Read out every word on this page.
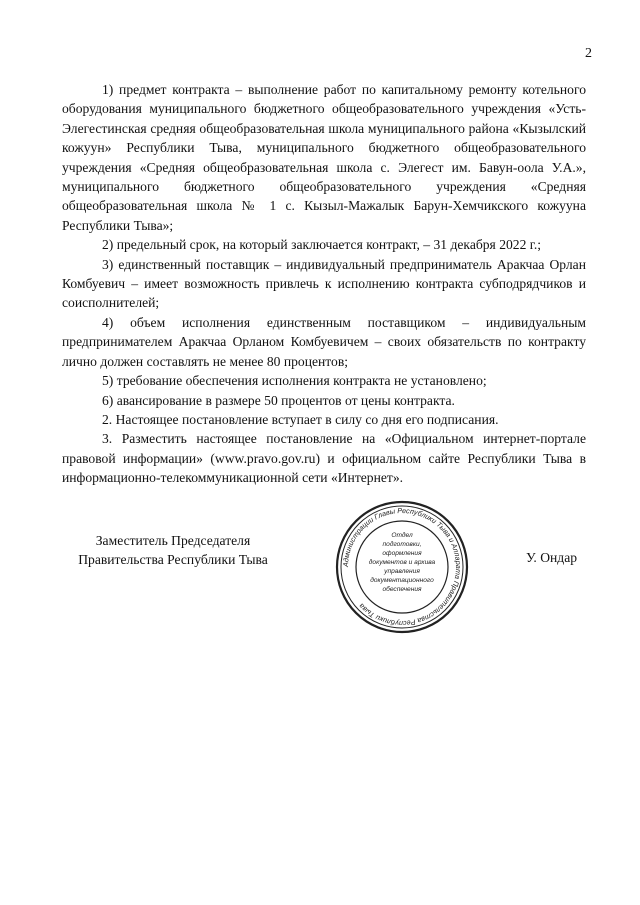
2

1) предмет контракта – выполнение работ по капитальному ремонту котельного оборудования муниципального бюджетного общеобразовательного учреждения «Усть-Элегестинская средняя общеобразовательная школа муниципального района «Кызылский кожуун» Республики Тыва, муниципального бюджетного общеобразовательного учреждения «Средняя общеобразовательная школа с. Элегест им. Бавун-оола У.А.», муниципального бюджетного общеобразовательного учреждения «Средняя общеобразовательная школа № 1 с. Кызыл-Мажалык Барун-Хемчикского кожууна Республики Тыва»;

2) предельный срок, на который заключается контракт, – 31 декабря 2022 г.;

3) единственный поставщик – индивидуальный предприниматель Аракчаа Орлан Комбуевич – имеет возможность привлечь к исполнению контракта субподрядчиков и соисполнителей;

4) объем исполнения единственным поставщиком – индивидуальным предпринимателем Аракчаа Орланом Комбуевичем – своих обязательств по контракту лично должен составлять не менее 80 процентов;

5) требование обеспечения исполнения контракта не установлено;

6) авансирование в размере 50 процентов от цены контракта.

2. Настоящее постановление вступает в силу со дня его подписания.

3. Разместить настоящее постановление на «Официальном интернет-портале правовой информации» (www.pravo.gov.ru) и официальном сайте Республики Тыва в информационно-телекоммуникационной сети «Интернет».

Заместитель Председателя
Правительства Республики Тыва	У. Ондар
Администрации Главы Республики Тыва и Аппарата Правительства Республики Тыва
Отдел
подготовки,
оформления
документов и архива
управления
документационного
обеспечения
